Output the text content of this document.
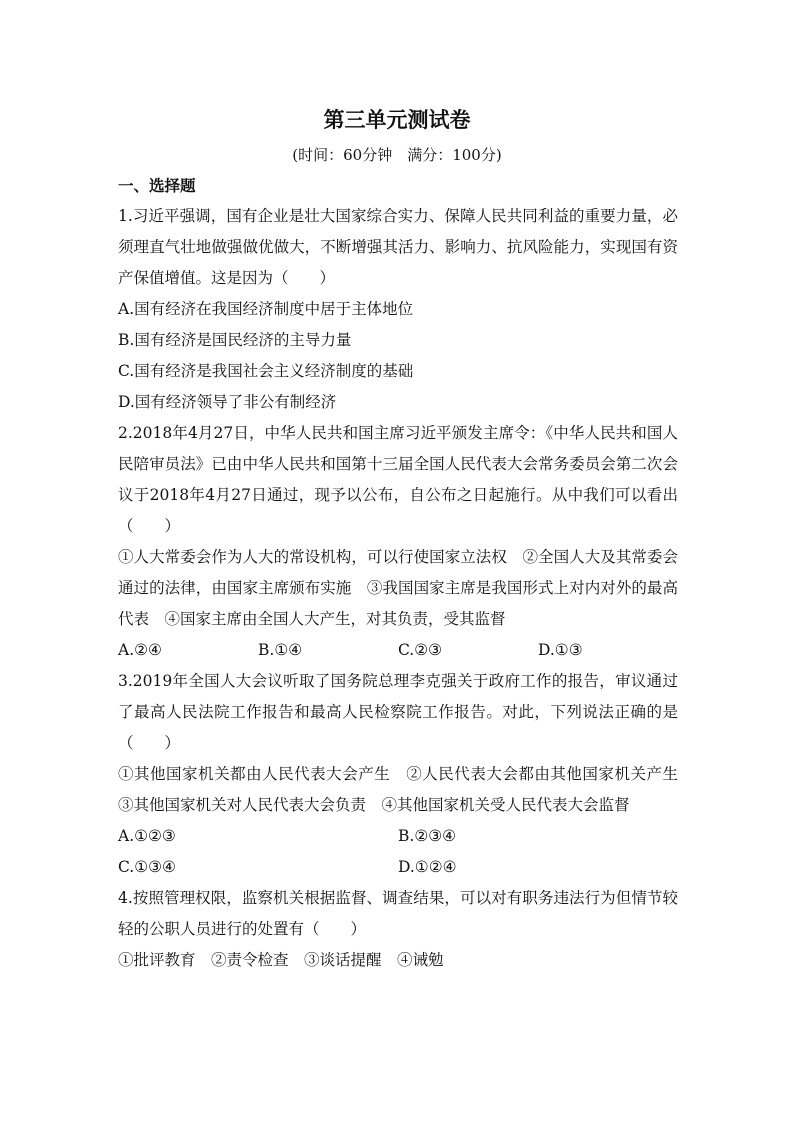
第三单元测试卷
(时间：60分钟　满分：100分)
一、选择题

1.习近平强调，国有企业是壮大国家综合实力、保障人民共同利益的重要力量，必须理直气壮地做强做优做大，不断增强其活力、影响力、抗风险能力，实现国有资产保值增值。这是因为（　　）

A.国有经济在我国经济制度中居于主体地位

B.国有经济是国民经济的主导力量

C.国有经济是我国社会主义经济制度的基础

D.国有经济领导了非公有制经济

2.2018年4月27日，中华人民共和国主席习近平颁发主席令：《中华人民共和国人民陪审员法》已由中华人民共和国第十三届全国人民代表大会常务委员会第二次会议于2018年4月27日通过，现予以公布，自公布之日起施行。从中我们可以看出（　　）

①人大常委会作为人大的常设机构，可以行使国家立法权　②全国人大及其常委会通过的法律，由国家主席颁布实施　③我国国家主席是我国形式上对内对外的最高代表　④国家主席由全国人大产生，对其负责，受其监督

A.②④	B.①④	C.②③	D.①③

3.2019年全国人大会议听取了国务院总理李克强关于政府工作的报告，审议通过了最高人民法院工作报告和最高人民检察院工作报告。对此，下列说法正确的是（　　）

①其他国家机关都由人民代表大会产生　②人民代表大会都由其他国家机关产生　③其他国家机关对人民代表大会负责　④其他国家机关受人民代表大会监督

A.①②③	B.②③④
C.①③④	D.①②④

4.按照管理权限，监察机关根据监督、调查结果，可以对有职务违法行为但情节较轻的公职人员进行的处置有（　　）

①批评教育　②责令检查　③谈话提醒　④诫勉
